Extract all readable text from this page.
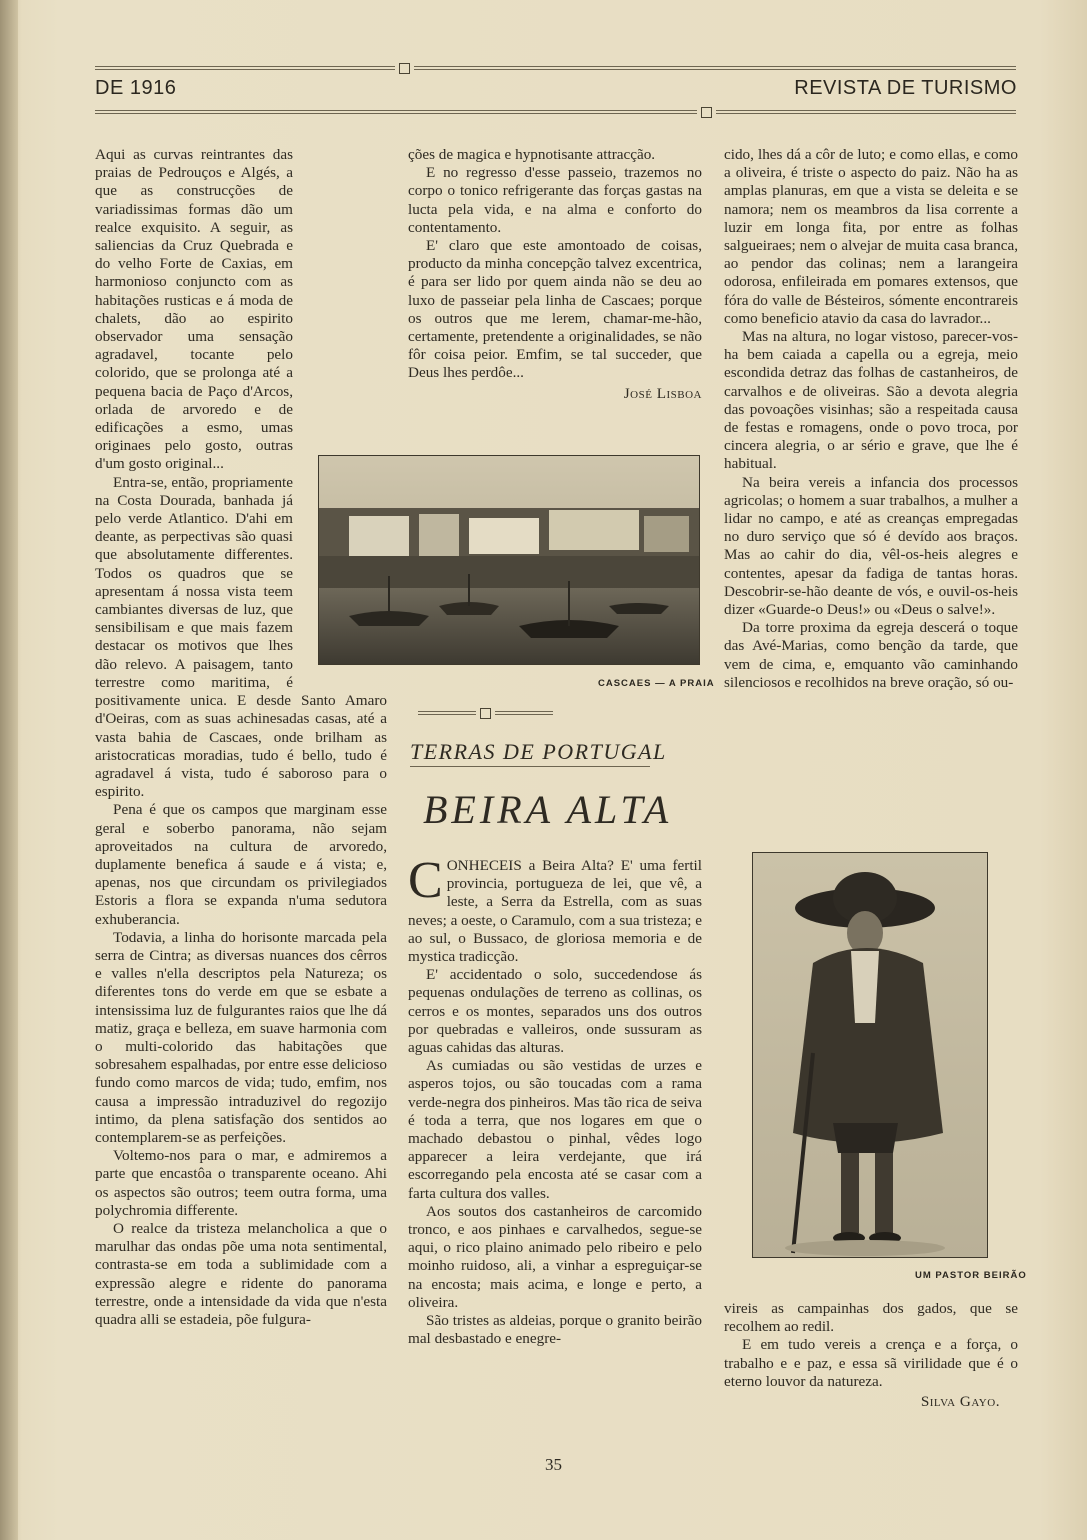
DE 1916	REVISTA DE TURISMO

Aqui as curvas reintrantes das praias de Pedrouços e Algés, a que as construcções de variadissimas formas dão um realce exquisito. A seguir, as saliencias da Cruz Quebrada e do velho Forte de Caxias, em harmonioso conjuncto com as habitações rusticas e á moda de chalets, dão ao espirito observador uma sensação agradavel, tocante pelo colorido, que se prolonga até a pequena bacia de Paço d'Arcos, orlada de arvoredo e de edificações a esmo, umas originaes pelo gosto, outras d'um gosto original...

Entra-se, então, propriamente na Costa Dourada, banhada já pelo verde Atlantico. D'ahi em deante, as perpectivas são quasi que absolutamente differentes. Todos os quadros que se apresentam á nossa vista teem cambiantes diversas de luz, que sensibilisam e que mais fazem destacar os motivos que lhes dão relevo. A paisagem, tanto terrestre como maritima, é positivamente unica. E desde Santo Amaro d'Oeiras, com as suas achinesadas casas, até a vasta bahia de Cascaes, onde brilham as aristocraticas moradias, tudo é bello, tudo é agradavel á vista, tudo é saboroso para o espirito.

Pena é que os campos que marginam esse geral e soberbo panorama, não sejam aproveitados na cultura de arvoredo, duplamente benefica á saude e á vista; e, apenas, nos que circundam os privilegiados Estoris a flora se expanda n'uma sedutora exhuberancia.

Todavia, a linha do horisonte marcada pela serra de Cintra; as diversas nuances dos cêrros e valles n'ella descriptos pela Natureza; os diferentes tons do verde em que se esbate a intensissima luz de fulgurantes raios que lhe dá matiz, graça e belleza, em suave harmonia com o multi-colorido das habitações que sobresahem espalhadas, por entre esse delicioso fundo como marcos de vida; tudo, emfim, nos causa a impressão intraduzivel do regozijo intimo, da plena satisfação dos sentidos ao contemplarem-se as perfeições.

Voltemo-nos para o mar, e admiremos a parte que encastôa o transparente oceano. Ahi os aspectos são outros; teem outra forma, uma polychromia differente.

O realce da tristeza melancholica a que o marulhar das ondas põe uma nota sentimental, contrasta-se em toda a sublimidade com a expressão alegre e ridente do panorama terrestre, onde a intensidade da vida que n'esta quadra alli se estadeia, põe fulgura-

ções de magica e hypnotisante attracção.

E no regresso d'esse passeio, trazemos no corpo o tonico refrigerante das forças gastas na lucta pela vida, e na alma e conforto do contentamento.

E' claro que este amontoado de coisas, producto da minha concepção talvez excentrica, é para ser lido por quem ainda não se deu ao luxo de passeiar pela linha de Cascaes; porque os outros que me lerem, chamar-me-hão, certamente, pretendente a originalidades, se não fôr coisa peior. Emfim, se tal succeder, que Deus lhes perdôe...

José Lisboa
CASCAES — A PRAIA
TERRAS DE PORTUGAL
BEIRA ALTA

CONHECEIS a Beira Alta? E' uma fertil provincia, portugueza de lei, que vê, a leste, a Serra da Estrella, com as suas neves; a oeste, o Caramulo, com a sua tristeza; e ao sul, o Bussaco, de gloriosa memoria e de mystica tradicção.

E' accidentado o solo, succedendose ás pequenas ondulações de terreno as collinas, os cerros e os montes, separados uns dos outros por quebradas e valleiros, onde sussuram as aguas cahidas das alturas.

As cumiadas ou são vestidas de urzes e asperos tojos, ou são toucadas com a rama verde-negra dos pinheiros. Mas tão rica de seiva é toda a terra, que nos logares em que o machado debastou o pinhal, vêdes logo apparecer a leira verdejante, que irá escorregando pela encosta até se casar com a farta cultura dos valles.

Aos soutos dos castanheiros de carcomido tronco, e aos pinhaes e carvalhedos, segue-se aqui, o rico plaino animado pelo ribeiro e pelo moinho ruidoso, ali, a vinhar a espreguiçar-se na encosta; mais acima, e longe e perto, a oliveira.

São tristes as aldeias, porque o granito beirão mal desbastado e enegre-

cido, lhes dá a côr de luto; e como ellas, e como a oliveira, é triste o aspecto do paiz. Não ha as amplas planuras, em que a vista se deleita e se namora; nem os meambros da lisa corrente a luzir em longa fita, por entre as folhas salgueiraes; nem o alvejar de muita casa branca, ao pendor das colinas; nem a larangeira odorosa, enfileirada em pomares extensos, que fóra do valle de Bésteiros, sómente encontrareis como beneficio atavio da casa do lavrador...

Mas na altura, no logar vistoso, parecer-vos-ha bem caiada a capella ou a egreja, meio escondida detraz das folhas de castanheiros, de carvalhos e de oliveiras. São a devota alegria das povoações visinhas; são a respeitada causa de festas e romagens, onde o povo troca, por cincera alegria, o ar sério e grave, que lhe é habitual.

Na beira vereis a infancia dos processos agricolas; o homem a suar trabalhos, a mulher a lidar no campo, e até as creanças empregadas no duro serviço que só é devído aos braços. Mas ao cahir do dia, vêl-os-heis alegres e contentes, apesar da fadiga de tantas horas. Descobrir-se-hão deante de vós, e ouvil-os-heis dizer «Guarde-o Deus!» ou «Deus o salve!».

Da torre proxima da egreja descerá o toque das Avé-Marias, como benção da tarde, que vem de cima, e, emquanto vão caminhando silenciosos e recolhidos na breve oração, só ou-

UM PASTOR BEIRÃO

vireis as campainhas dos gados, que se recolhem ao redil.

E em tudo vereis a crença e a força, o trabalho e e paz, e essa sã virilidade que é o eterno louvor da natureza.

Silva Gayo.
35
